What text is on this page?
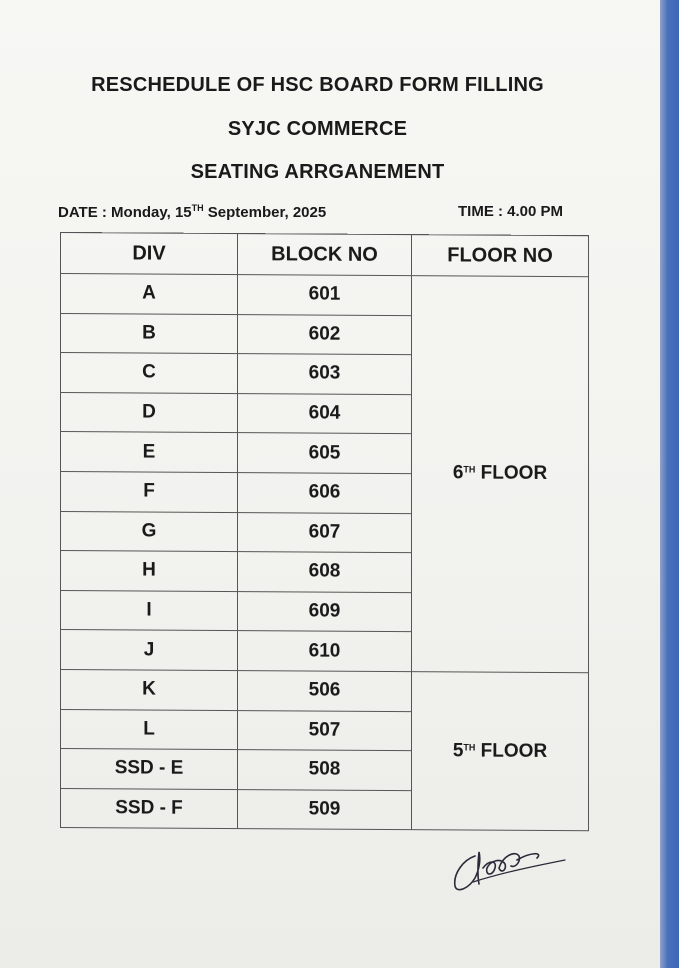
RESCHEDULE OF HSC BOARD FORM FILLING
SYJC COMMERCE
SEATING ARRGANEMENT
DATE : Monday, 15TH September, 2025	TIME : 4.00 PM
DIV	BLOCK NO	FLOOR NO
A	601	6TH FLOOR
B	602	
C	603	
D	604	
E	605	
F	606	
G	607	
H	608	
I	609	
J	610	
K	506	5TH FLOOR
L	507	
SSD - E	508	
SSD - F	509	
